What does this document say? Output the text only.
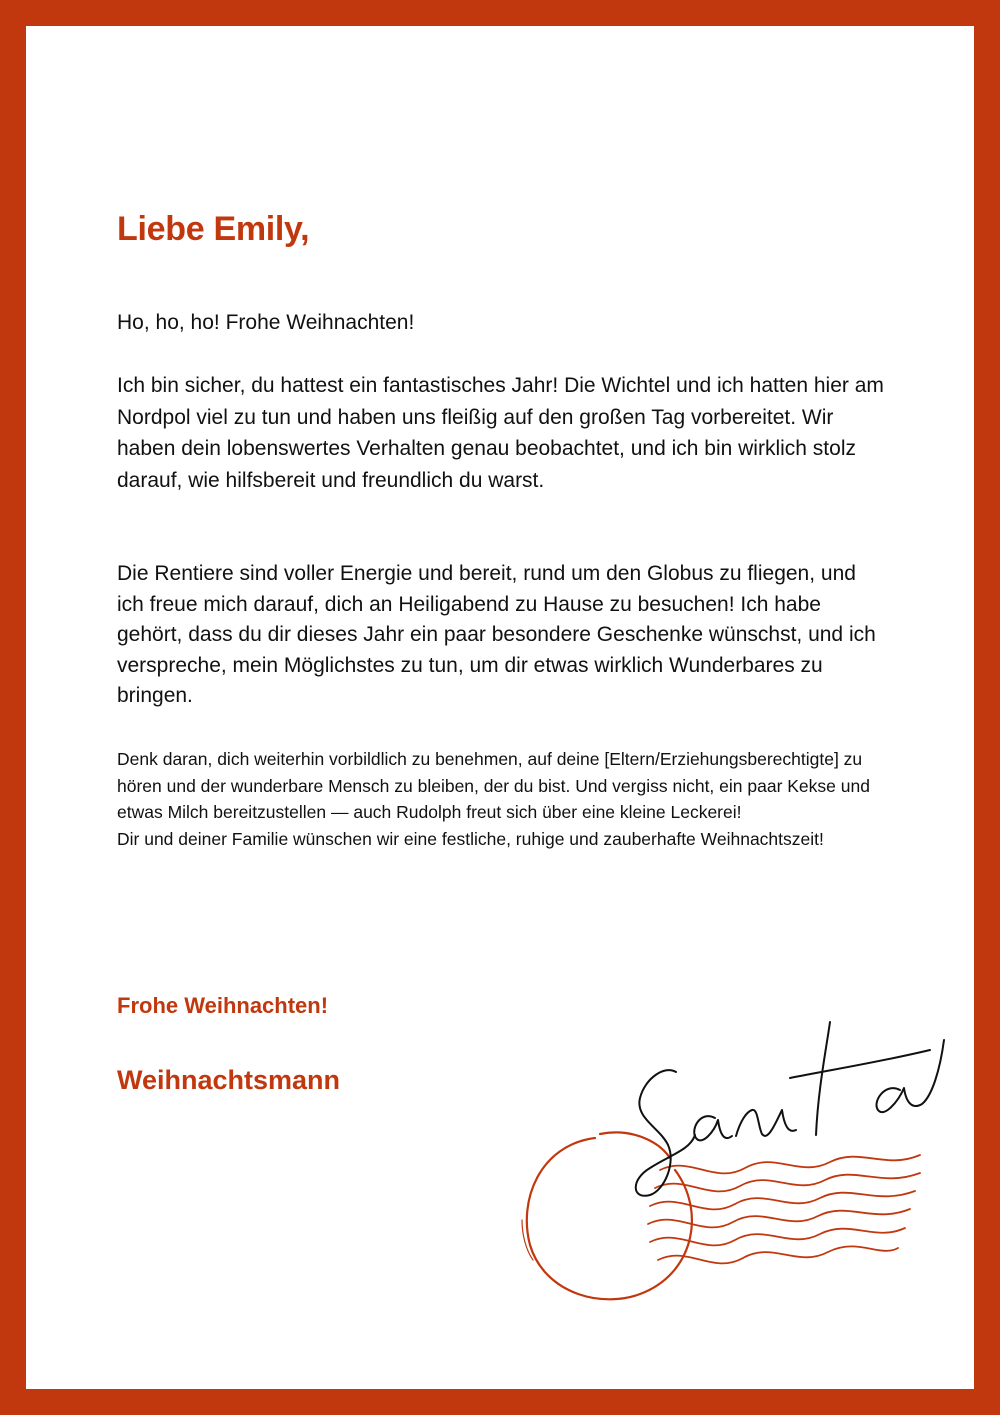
Liebe Emily,

Ho, ho, ho! Frohe Weihnachten!

Ich bin sicher, du hattest ein fantastisches Jahr! Die Wichtel und ich hatten hier am Nordpol viel zu tun und haben uns fleißig auf den großen Tag vorbereitet. Wir haben dein lobenswertes Verhalten genau beobachtet, und ich bin wirklich stolz darauf, wie hilfsbereit und freundlich du warst.

Die Rentiere sind voller Energie und bereit, rund um den Globus zu fliegen, und ich freue mich darauf, dich an Heiligabend zu Hause zu besuchen! Ich habe gehört, dass du dir dieses Jahr ein paar besondere Geschenke wünschst, und ich verspreche, mein Möglichstes zu tun, um dir etwas wirklich Wunderbares zu bringen.

Denk daran, dich weiterhin vorbildlich zu benehmen, auf deine [Eltern/Erziehungsberechtigte] zu hören und der wunderbare Mensch zu bleiben, der du bist. Und vergiss nicht, ein paar Kekse und etwas Milch bereitzustellen — auch Rudolph freut sich über eine kleine Leckerei!
Dir und deiner Familie wünschen wir eine festliche, ruhige und zauberhafte Weihnachtszeit!

Frohe Weihnachten!

Weihnachtsmann
